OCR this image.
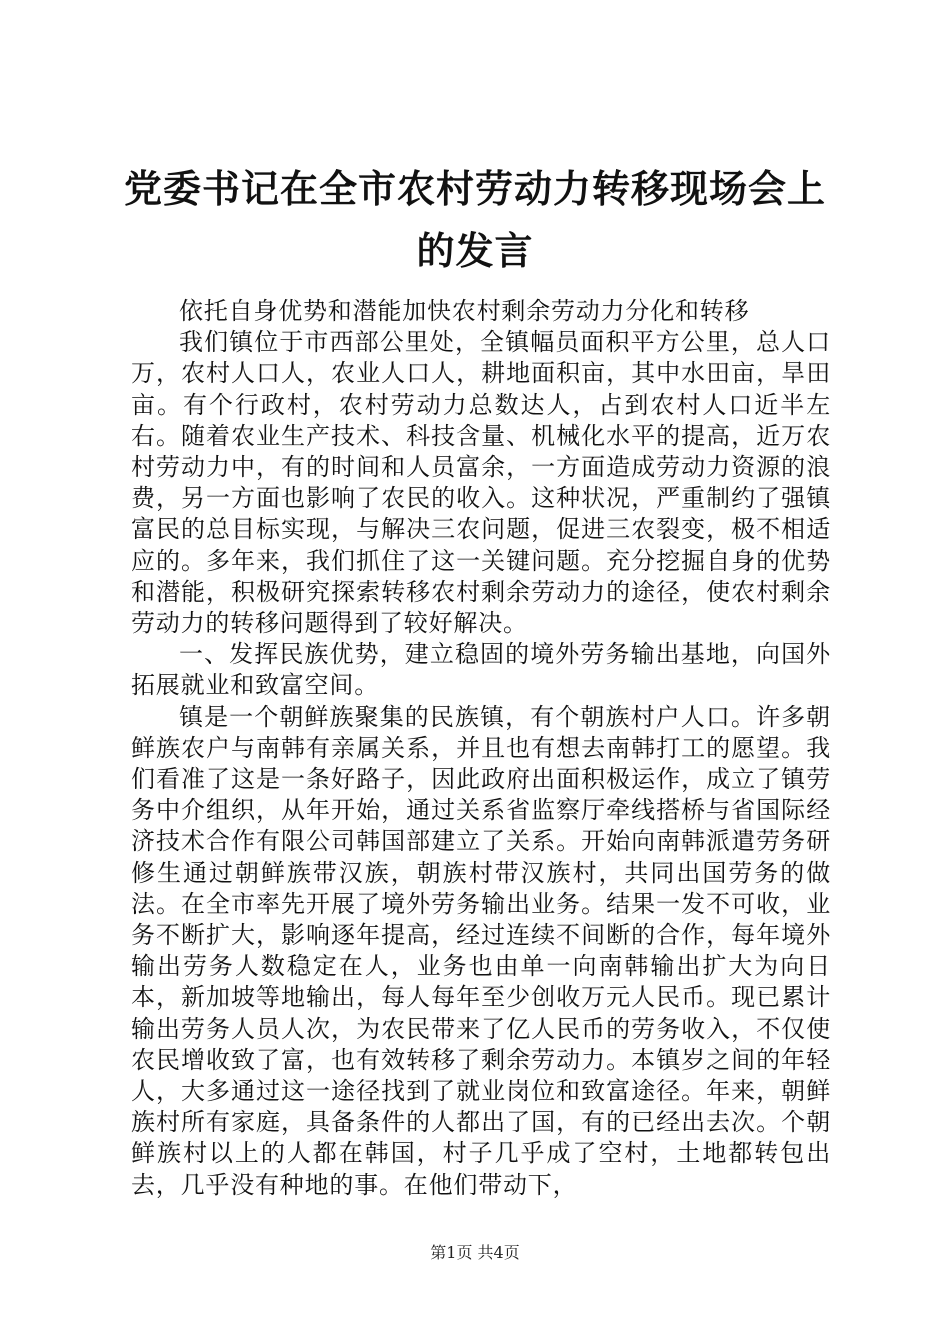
党委书记在全市农村劳动力转移现场会上的发言

依托自身优势和潜能加快农村剩余劳动力分化和转移

我们镇位于市西部公里处，全镇幅员面积平方公里，总人口万，农村人口人，农业人口人，耕地面积亩，其中水田亩，旱田亩。有个行政村，农村劳动力总数达人，占到农村人口近半左右。随着农业生产技术、科技含量、机械化水平的提高，近万农村劳动力中，有的时间和人员富余，一方面造成劳动力资源的浪费，另一方面也影响了农民的收入。这种状况，严重制约了强镇富民的总目标实现，与解决三农问题，促进三农裂变，极不相适应的。多年来，我们抓住了这一关键问题。充分挖掘自身的优势和潜能，积极研究探索转移农村剩余劳动力的途径，使农村剩余劳动力的转移问题得到了较好解决。

一、发挥民族优势，建立稳固的境外劳务输出基地，向国外拓展就业和致富空间。

镇是一个朝鲜族聚集的民族镇，有个朝族村户人口。许多朝鲜族农户与南韩有亲属关系，并且也有想去南韩打工的愿望。我们看准了这是一条好路子，因此政府出面积极运作，成立了镇劳务中介组织，从年开始，通过关系省监察厅牵线搭桥与省国际经济技术合作有限公司韩国部建立了关系。开始向南韩派遣劳务研修生通过朝鲜族带汉族，朝族村带汉族村，共同出国劳务的做法。在全市率先开展了境外劳务输出业务。结果一发不可收，业务不断扩大，影响逐年提高，经过连续不间断的合作，每年境外输出劳务人数稳定在人，业务也由单一向南韩输出扩大为向日本，新加坡等地输出，每人每年至少创收万元人民币。现已累计输出劳务人员人次，为农民带来了亿人民币的劳务收入，不仅使农民增收致了富，也有效转移了剩余劳动力。本镇岁之间的年轻人，大多通过这一途径找到了就业岗位和致富途径。年来，朝鲜族村所有家庭，具备条件的人都出了国，有的已经出去次。个朝鲜族村以上的人都在韩国，村子几乎成了空村，土地都转包出去，几乎没有种地的事。在他们带动下，

第1页 共4页
